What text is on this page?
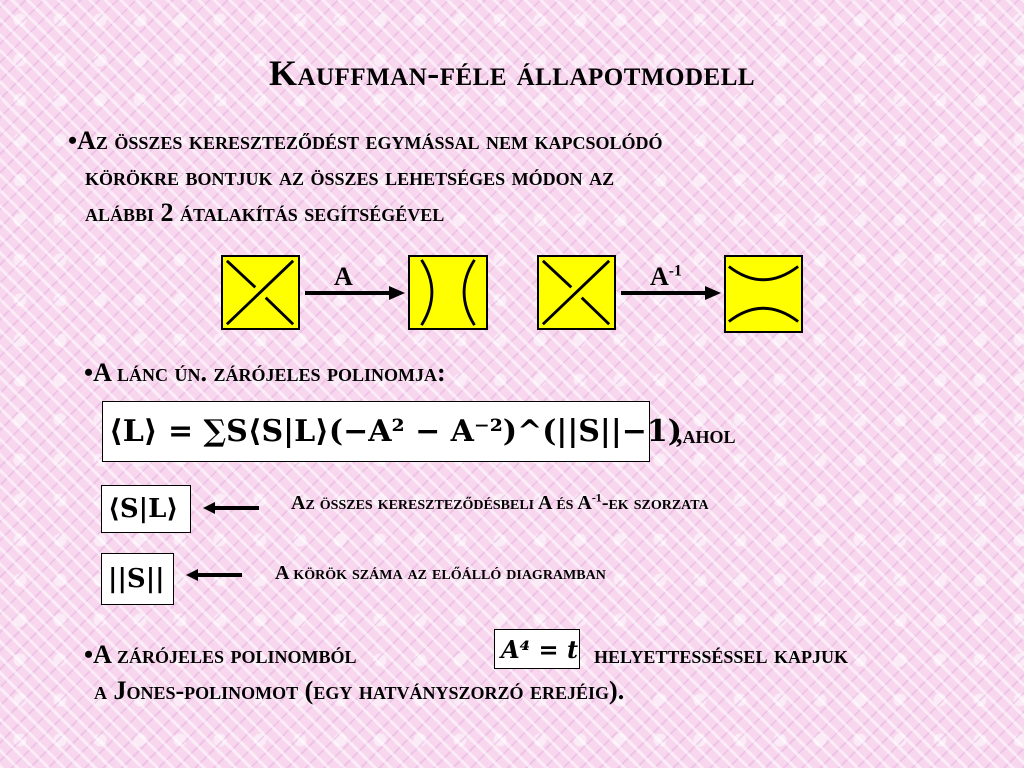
Kauffman-féle állapotmodell
•Az összes kereszteződést egymással nem kapcsolódó
körökre bontjuk az összes lehetséges módon az
alábbi 2 átalakítás segítségével
A	$A^{-1}$
•A lánc ún. zárójeles polinomja:
⟨L⟩ = ∑S⟨S|L⟩(−A² − A⁻²)^(||S||−1)
,ahol
⟨S|L⟩	Az összes kereszteződésbeli A és $A^{-1}-ek$ szorzata
||S||	A körök száma az előálló diagramban
•A zárójeles polinomból	A⁴ = t helyettesséssel kapjuk
a Jones-polinomot (egy hatványszorzó erejéig).
